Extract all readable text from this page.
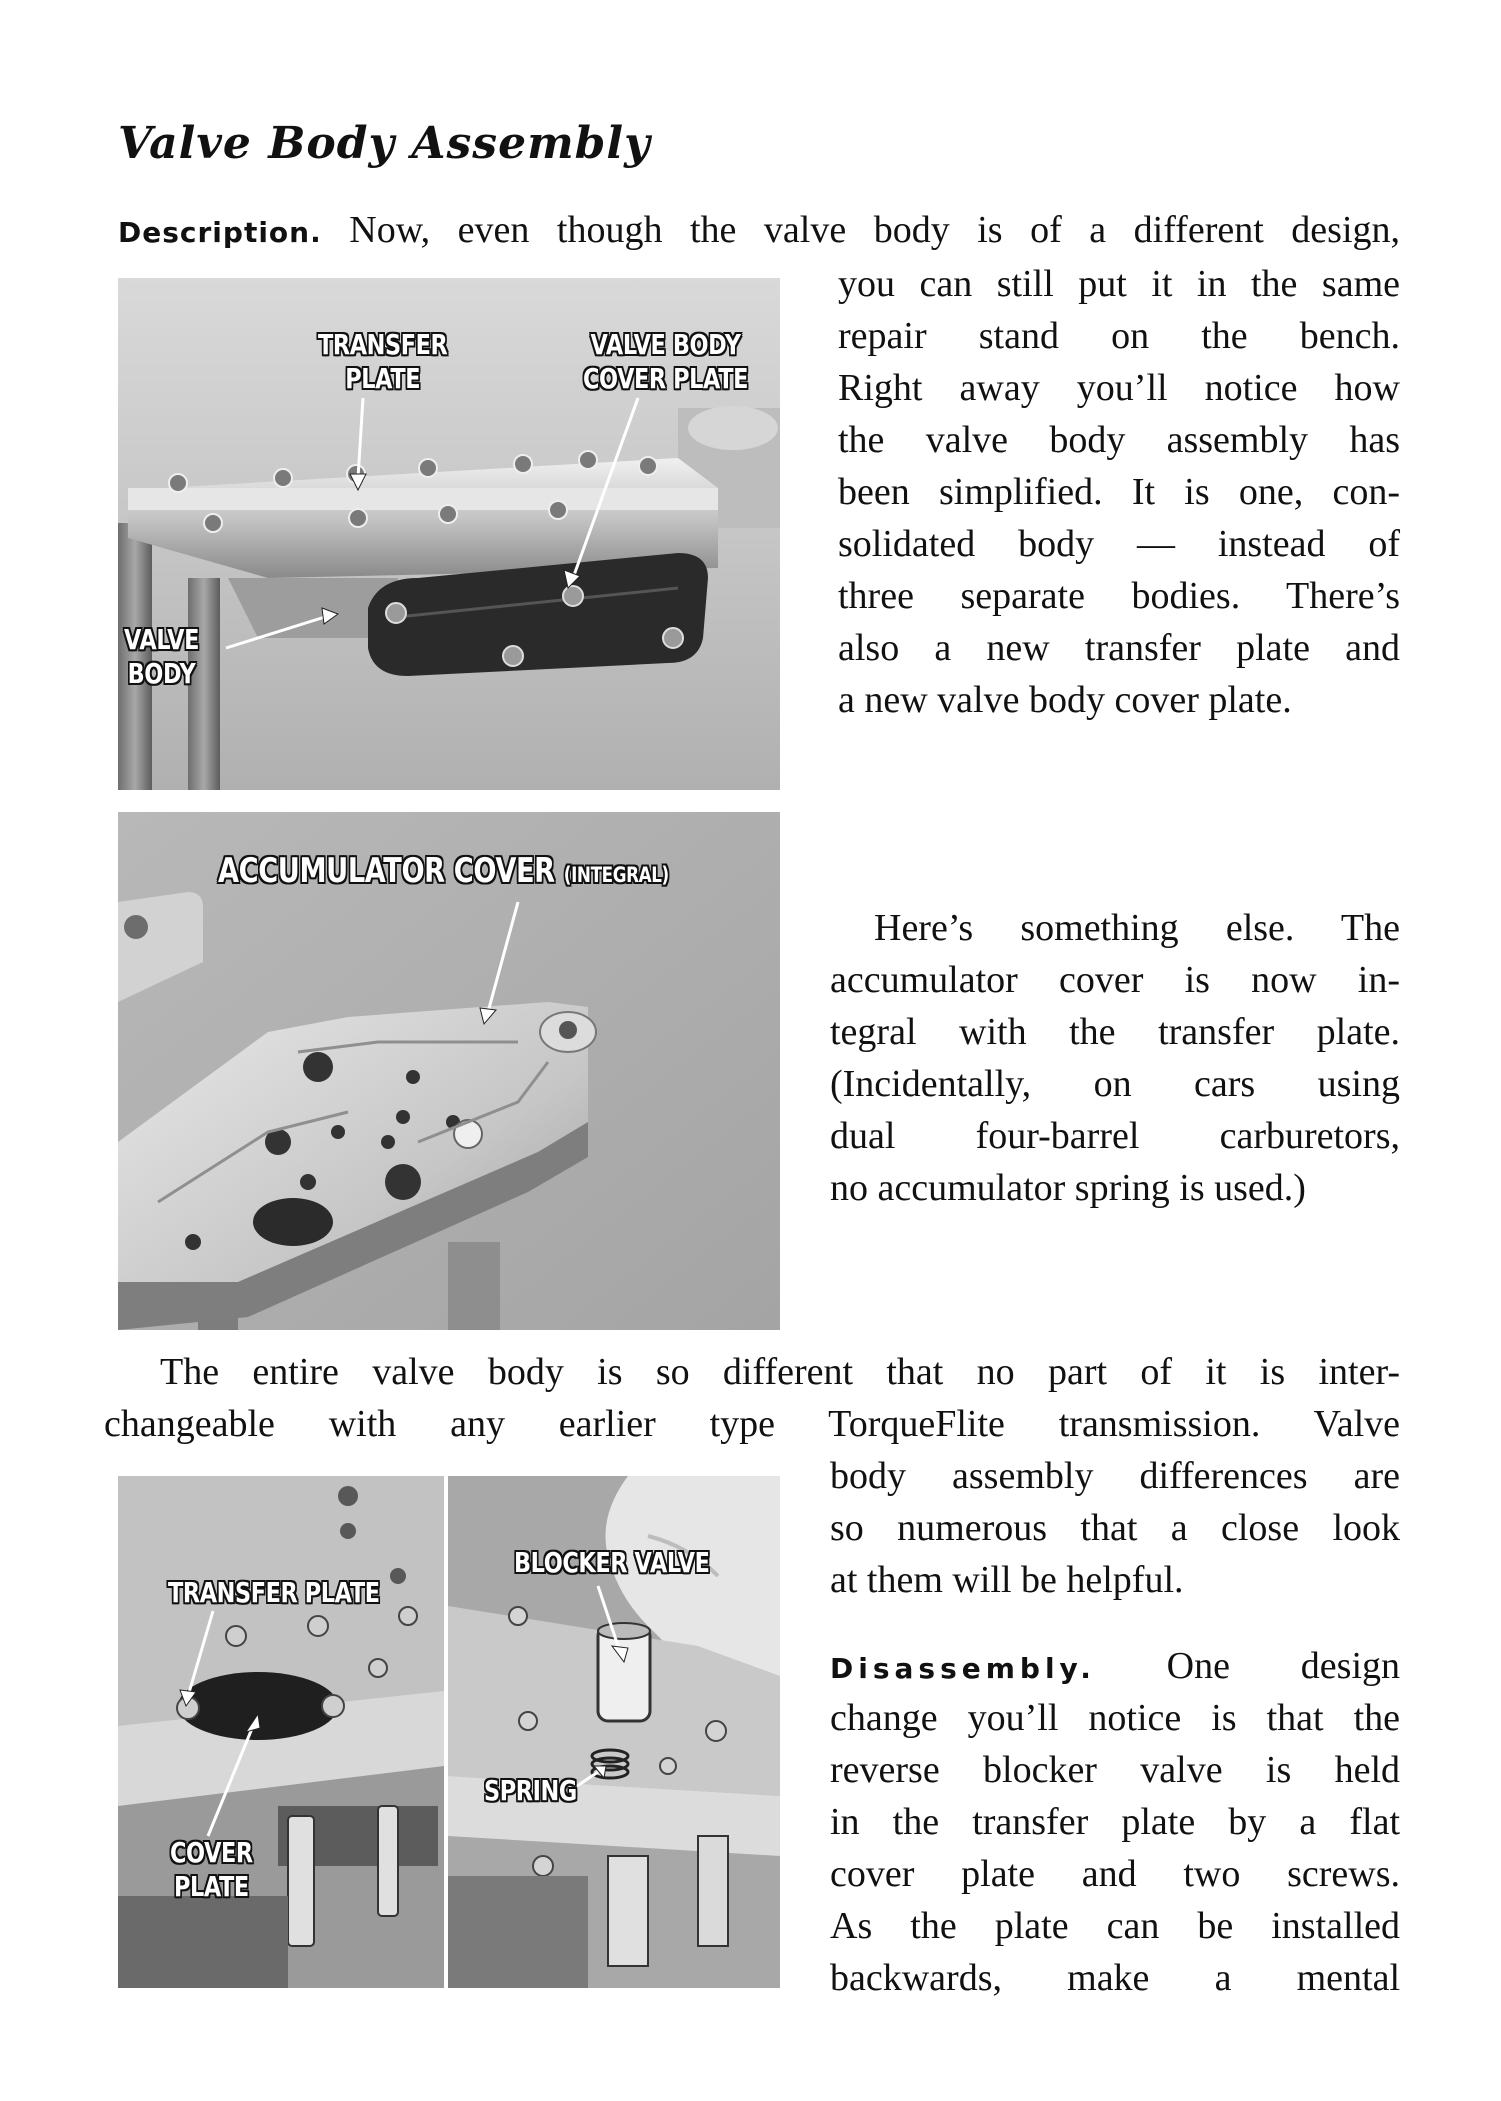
Valve Body Assembly

Description. Now, even though the valve body is of a different design,

you can still put it in the same

repair stand on the bench.

Right away you’ll notice how

the valve body assembly has

been simplified. It is one, con-

solidated body — instead of

three separate bodies. There’s

also a new transfer plate and

a new valve body cover plate.

TRANSFER
PLATE
VALVE BODY
COVER PLATE
VALVE
BODY
ACCUMULATOR COVER (INTEGRAL)

Here’s something else. The

accumulator cover is now in-

tegral with the transfer plate.

(Incidentally, on cars using

dual four-barrel carburetors,

no accumulator spring is used.)

The entire valve body is so different that no part of it is inter-

changeable with any earlier type TorqueFlite transmission. Valve

body assembly differences are

so numerous that a close look

at them will be helpful.

TRANSFER PLATE
COVER
PLATE
BLOCKER VALVE
SPRING

Disassembly. One design

change you’ll notice is that the

reverse blocker valve is held

in the transfer plate by a flat

cover plate and two screws.

As the plate can be installed

backwards, make a mental
